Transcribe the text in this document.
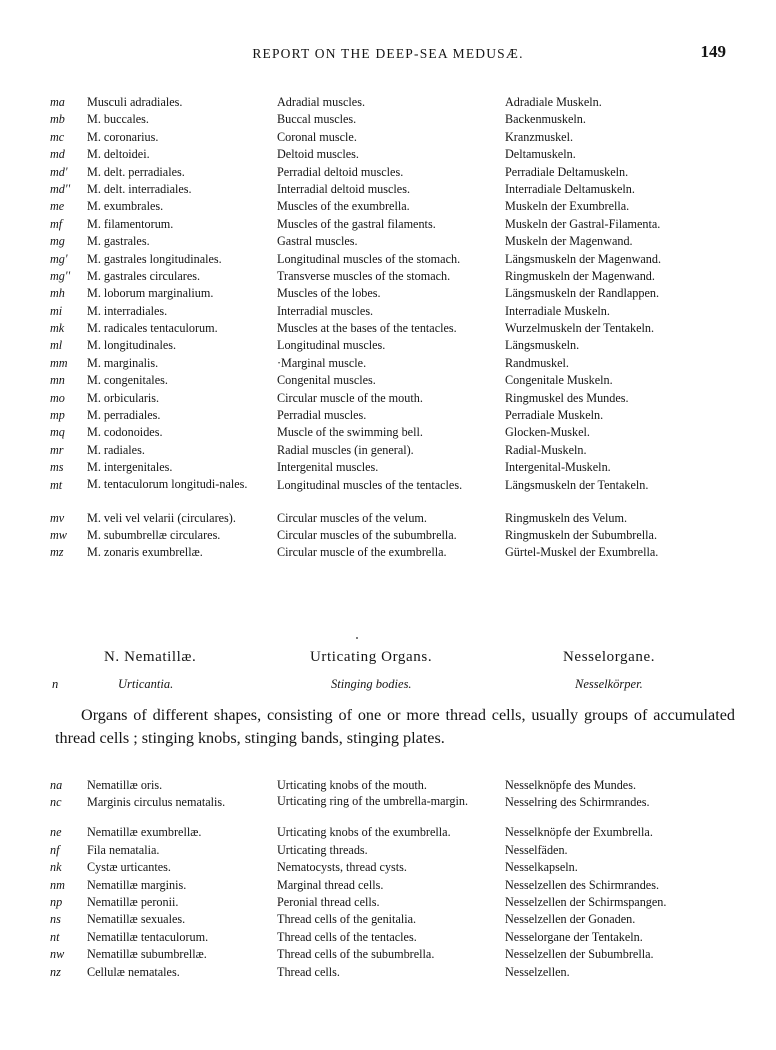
REPORT ON THE DEEP-SEA MEDUSÆ.	149
ma Musculi adradiales.	Adradial muscles.	Adradiale Muskeln.
mb M. buccales.	Buccal muscles.	Backenmuskeln.
mc M. coronarius.	Coronal muscle.	Kranzmuskel.
md M. deltoidei.	Deltoid muscles.	Deltamuskeln.
md' M. delt. perradiales.	Perradial deltoid muscles.	Perradiale Deltamuskeln.
md'' M. delt. interradiales.	Interradial deltoid muscles.	Interradiale Deltamuskeln.
me M. exumbrales.	Muscles of the exumbrella.	Muskeln der Exumbrella.
mf M. filamentorum.	Muscles of the gastral filaments.	Muskeln der Gastral-Filamenta.
mg M. gastrales.	Gastral muscles.	Muskeln der Magenwand.
mg' M. gastrales longitudinales.	Longitudinal muscles of the stomach.	Längsmuskeln der Magenwand.
mg'' M. gastrales circulares.	Transverse muscles of the stomach.	Ringmuskeln der Magenwand.
mh M. loborum marginalium.	Muscles of the lobes.	Längsmuskeln der Randlappen.
mi M. interradiales.	Interradial muscles.	Interradiale Muskeln.
mk M. radicales tentaculorum.	Muscles at the bases of the tentacles.	Wurzelmuskeln der Tentakeln.
ml M. longitudinales.	Longitudinal muscles.	Längsmuskeln.
mm M. marginalis.	·Marginal muscle.	Randmuskel.
mn M. congenitales.	Congenital muscles.	Congenitale Muskeln.
mo M. orbicularis.	Circular muscle of the mouth.	Ringmuskel des Mundes.
mp M. perradiales.	Perradial muscles.	Perradiale Muskeln.
mq M. codonoides.	Muscle of the swimming bell.	Glocken-Muskel.
mr M. radiales.	Radial muscles (in general).	Radial-Muskeln.
ms M. intergenitales.	Intergenital muscles.	Intergenital-Muskeln.
mt M. tentaculorum longitudi-nales.	Longitudinal muscles of the tentacles.	Längsmuskeln der Tentakeln.
mv M. veli vel velarii (circulares).	Circular muscles of the velum.	Ringmuskeln des Velum.
mw M. subumbrellæ circulares.	Circular muscles of the subumbrella.	Ringmuskeln der Subumbrella.
mz M. zonaris exumbrellæ.	Circular muscle of the exumbrella.	Gürtel-Muskel der Exumbrella.
N. Nematillæ.	Urticating Organs.	Nesselorgane.
n	Urticantia.	Stinging bodies.	Nesselkörper.

Organs of different shapes, consisting of one or more thread cells, usually groups of accumulated thread cells ; stinging knobs, stinging bands, stinging plates.

na Nematillæ oris.	Urticating knobs of the mouth.	Nesselknöpfe des Mundes.
nc Marginis circulus nematalis.	Urticating ring of the umbrella-margin.	Nesselring des Schirmrandes.
ne Nematillæ exumbrellæ.	Urticating knobs of the exumbrella.	Nesselknöpfe der Exumbrella.
nf Fila nematalia.	Urticating threads.	Nesselfäden.
nk Cystæ urticantes.	Nematocysts, thread cysts.	Nesselkapseln.
nm Nematillæ marginis.	Marginal thread cells.	Nesselzellen des Schirmrandes.
np Nematillæ peronii.	Peronial thread cells.	Nesselzellen der Schirmspangen.
ns Nematillæ sexuales.	Thread cells of the genitalia.	Nesselzellen der Gonaden.
nt Nematillæ tentaculorum.	Thread cells of the tentacles.	Nesselorgane der Tentakeln.
nw Nematillæ subumbrellæ.	Thread cells of the subumbrella.	Nesselzellen der Subumbrella.
nz Cellulæ nematales.	Thread cells.	Nesselzellen.
